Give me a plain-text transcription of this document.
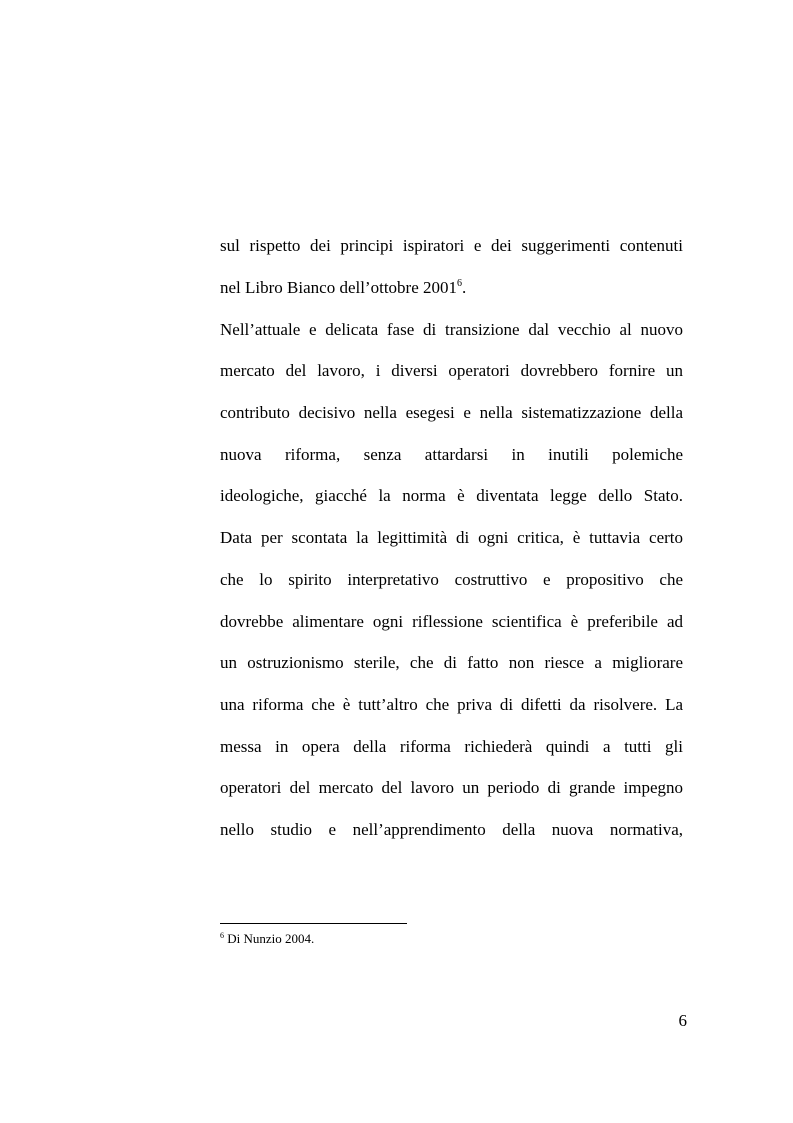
sul rispetto dei principi ispiratori e dei suggerimenti contenuti
nel Libro Bianco dell’ottobre 2001$^6$.
Nell’attuale e delicata fase di transizione dal vecchio al nuovo
mercato del lavoro, i diversi operatori dovrebbero fornire un
contributo decisivo nella esegesi e nella sistematizzazione della
nuova riforma, senza attardarsi in inutili polemiche
ideologiche, giacché la norma è diventata legge dello Stato.
Data per scontata la legittimità di ogni critica, è tuttavia certo
che lo spirito interpretativo costruttivo e propositivo che
dovrebbe alimentare ogni riflessione scientifica è preferibile ad
un ostruzionismo sterile, che di fatto non riesce a migliorare
una riforma che è tutt’altro che priva di difetti da risolvere. La
messa in opera della riforma richiederà quindi a tutti gli
operatori del mercato del lavoro un periodo di grande impegno
nello studio e nell’apprendimento della nuova normativa,
$^6$ Di Nunzio 2004.
6
